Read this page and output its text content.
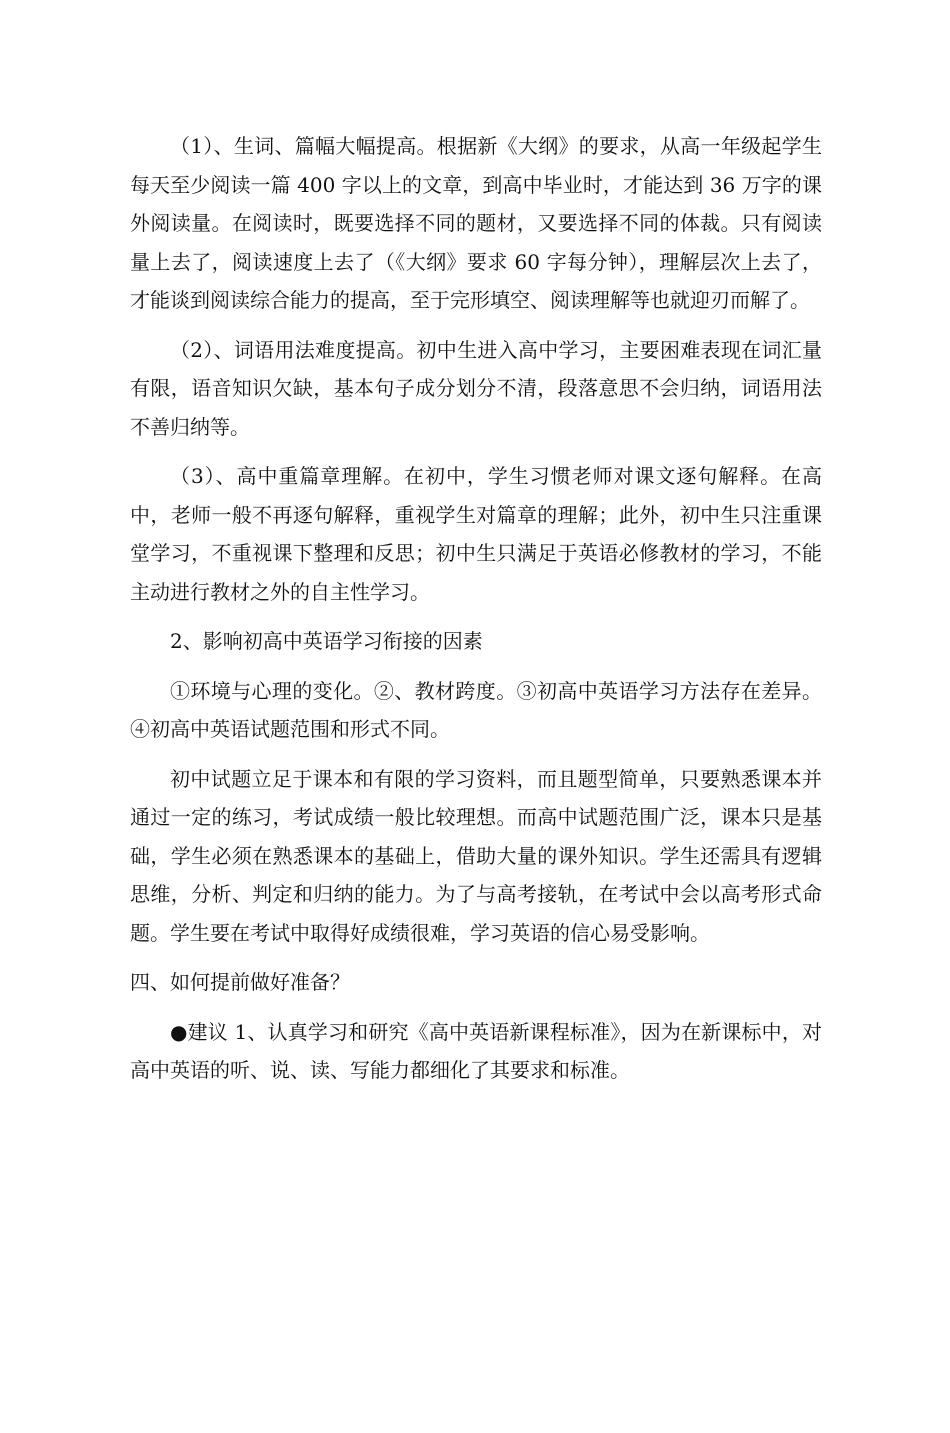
（1）、生词、篇幅大幅提高。根据新《大纲》的要求，从高一年级起学生每天至少阅读一篇 400 字以上的文章，到高中毕业时，才能达到 36 万字的课外阅读量。在阅读时，既要选择不同的题材，又要选择不同的体裁。只有阅读量上去了，阅读速度上去了（《大纲》要求 60 字每分钟），理解层次上去了，才能谈到阅读综合能力的提高，至于完形填空、阅读理解等也就迎刃而解了。

（2）、词语用法难度提高。初中生进入高中学习，主要困难表现在词汇量有限，语音知识欠缺，基本句子成分划分不清，段落意思不会归纳，词语用法不善归纳等。

（3）、高中重篇章理解。在初中，学生习惯老师对课文逐句解释。在高中，老师一般不再逐句解释，重视学生对篇章的理解；此外，初中生只注重课堂学习，不重视课下整理和反思；初中生只满足于英语必修教材的学习，不能主动进行教材之外的自主性学习。

2、影响初高中英语学习衔接的因素

①环境与心理的变化。②、教材跨度。③初高中英语学习方法存在差异。④初高中英语试题范围和形式不同。

初中试题立足于课本和有限的学习资料，而且题型简单，只要熟悉课本并通过一定的练习，考试成绩一般比较理想。而高中试题范围广泛，课本只是基础，学生必须在熟悉课本的基础上，借助大量的课外知识。学生还需具有逻辑思维，分析、判定和归纳的能力。为了与高考接轨，在考试中会以高考形式命题。学生要在考试中取得好成绩很难，学习英语的信心易受影响。

四、如何提前做好准备？

●建议 1、认真学习和研究《高中英语新课程标准》，因为在新课标中，对高中英语的听、说、读、写能力都细化了其要求和标准。
